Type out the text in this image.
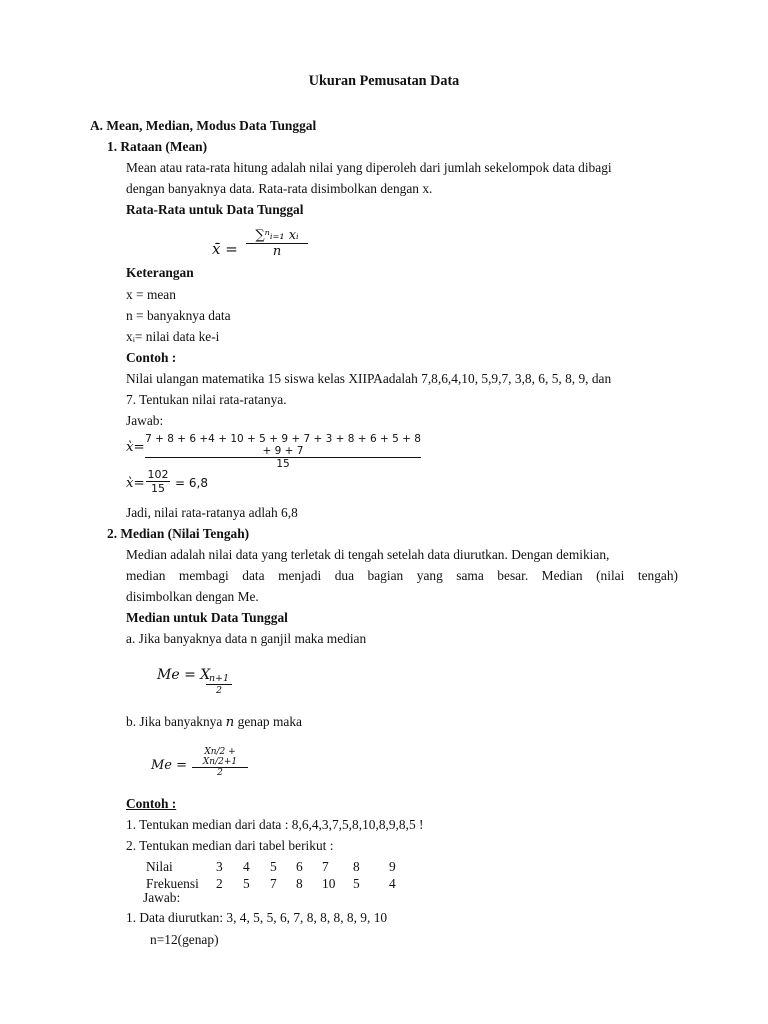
Ukuran Pemusatan Data
A. Mean, Median, Modus Data Tunggal
1. Rataan (Mean)
Mean atau rata-rata hitung adalah nilai yang diperoleh dari jumlah sekelompok data dibagi
dengan banyaknya data. Rata-rata disimbolkan dengan x.
Rata-Rata untuk Data Tunggal
x̄ = $\frac{\text{∑ⁿᵢ₌₁ xᵢ}}{n}$
Keterangan
x = mean
n = banyaknya data
xᵢ= nilai data ke-i
Contoh :
Nilai ulangan matematika 15 siswa kelas XIIPAadalah 7,8,6,4,10, 5,9,7, 3,8, 6, 5, 8, 9, dan
7. Tentukan nilai rata-ratanya.
Jawab:
x̀= $\frac{7 + 8 + 6 +4 + 10 + 5 + 9 + 7 + 3 + 8 + 6 + 5 + 8 + 9 + 7}{15}$
x̀= $\frac{102}{15} = 6,8$
Jadi, nilai rata-ratanya adlah 6,8
2. Median (Nilai Tengah)
Median adalah nilai data yang terletak di tengah setelah data diurutkan. Dengan demikian,
median membagi data menjadi dua bagian yang sama besar. Median (nilai tengah)
disimbolkan dengan Me.
Median untuk Data Tunggal
a. Jika banyaknya data n ganjil maka median
Me = X
$\frac{n+1}{2}$
b. Jika banyaknya n genap maka
$Me = \frac{Xn/2 + Xn/2+1}{2}$
Contoh :
1. Tentukan median dari data : 8,6,4,3,7,5,8,10,8,9,8,5 !
2. Tentukan median dari tabel berikut :
Nilai	3 4 5 6 7 8 9
Frekuensi 2 5 7 8 10 5 4
Jawab:
1. Data diurutkan: 3, 4, 5, 5, 6, 7, 8, 8, 8, 8, 9, 10
n=12(genap)
